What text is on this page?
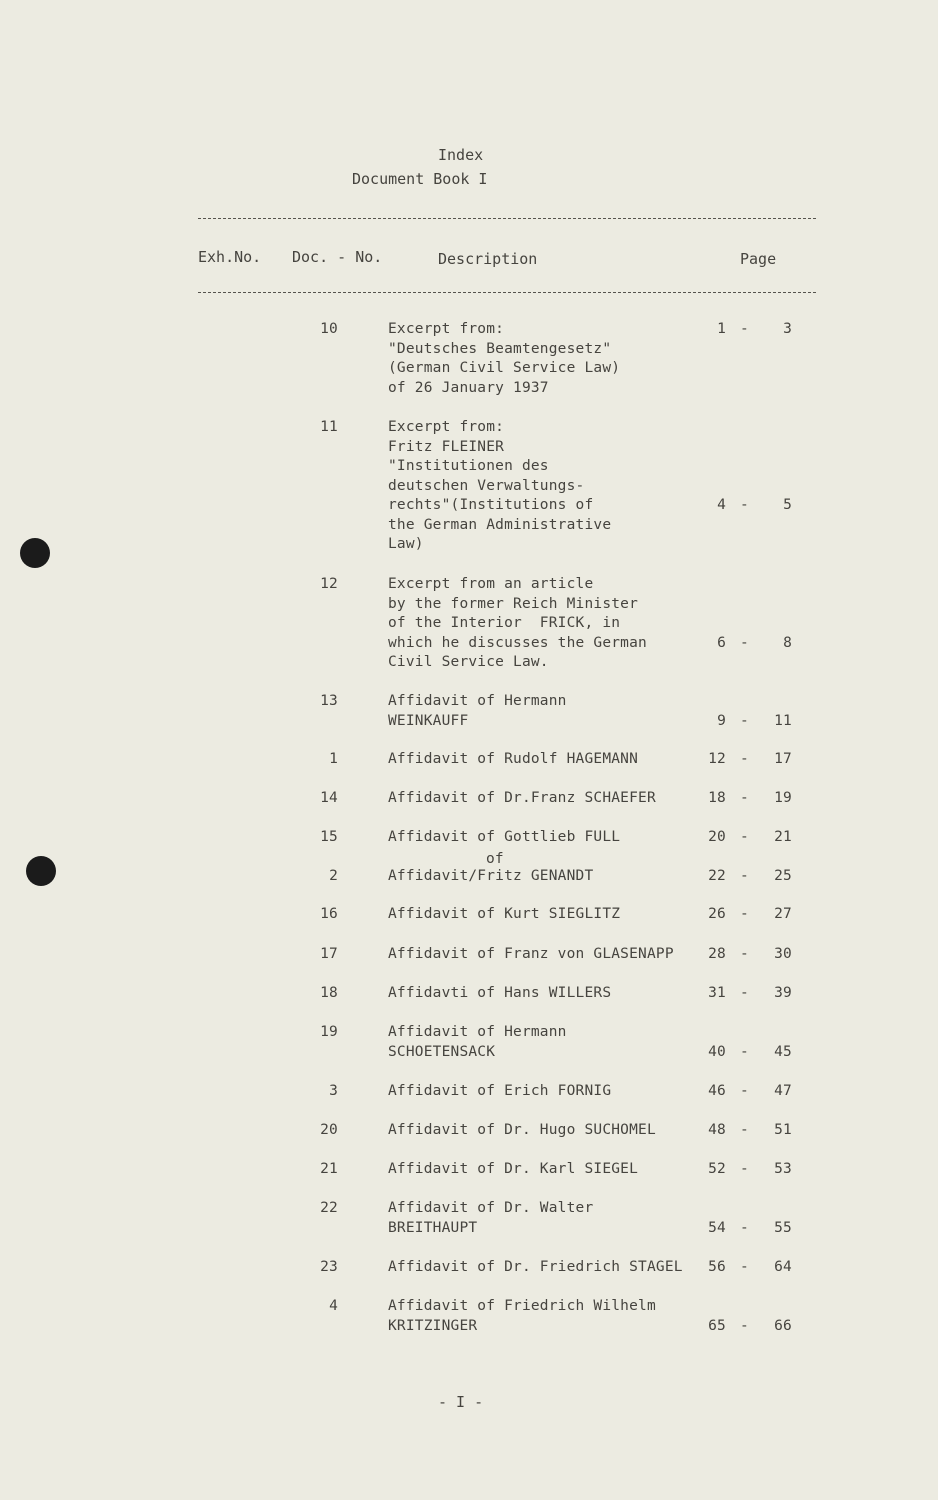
Index
Document Book I
Exh.No. Doc. - No.	Description	Page
10	Excerpt from:
"Deutsches Beamtengesetz"
(German Civil Service Law)
of 26 January 1937
1 -	3
11	Excerpt from:
Fritz FLEINER
"Institutionen des
deutschen Verwaltungs-
rechts"(Institutions of
the German Administrative
Law)
4 -	5
12	Excerpt from an article
by the former Reich Minister
of the Interior  FRICK, in
which he discusses the German
Civil Service Law.
6 -	8
13	Affidavit of Hermann
WEINKAUFF	9 -	11
1	Affidavit of Rudolf HAGEMANN	12 -	17
14	Affidavit of Dr.Franz SCHAEFER	18 -	19
15	Affidavit of Gottlieb FULL	20 -	21
2	Affidavit/Fritz GENANDT
of
22 -	25
16	Affidavit of Kurt SIEGLITZ	26 -	27
17	Affidavit of Franz von GLASENAPP	28 -	30
18	Affidavti of Hans WILLERS	31 -	39
19	Affidavit of Hermann
SCHOETENSACK	40 -	45
3	Affidavit of Erich FORNIG	46 -	47
20	Affidavit of Dr. Hugo SUCHOMEL	48 -	51
21	Affidavit of Dr. Karl SIEGEL	52 -	53
22	Affidavit of Dr. Walter
BREITHAUPT	54 -	55
23	Affidavit of Dr. Friedrich STAGEL	56 -	64
4	Affidavit of Friedrich Wilhelm
KRITZINGER	65 -	66
- I -
